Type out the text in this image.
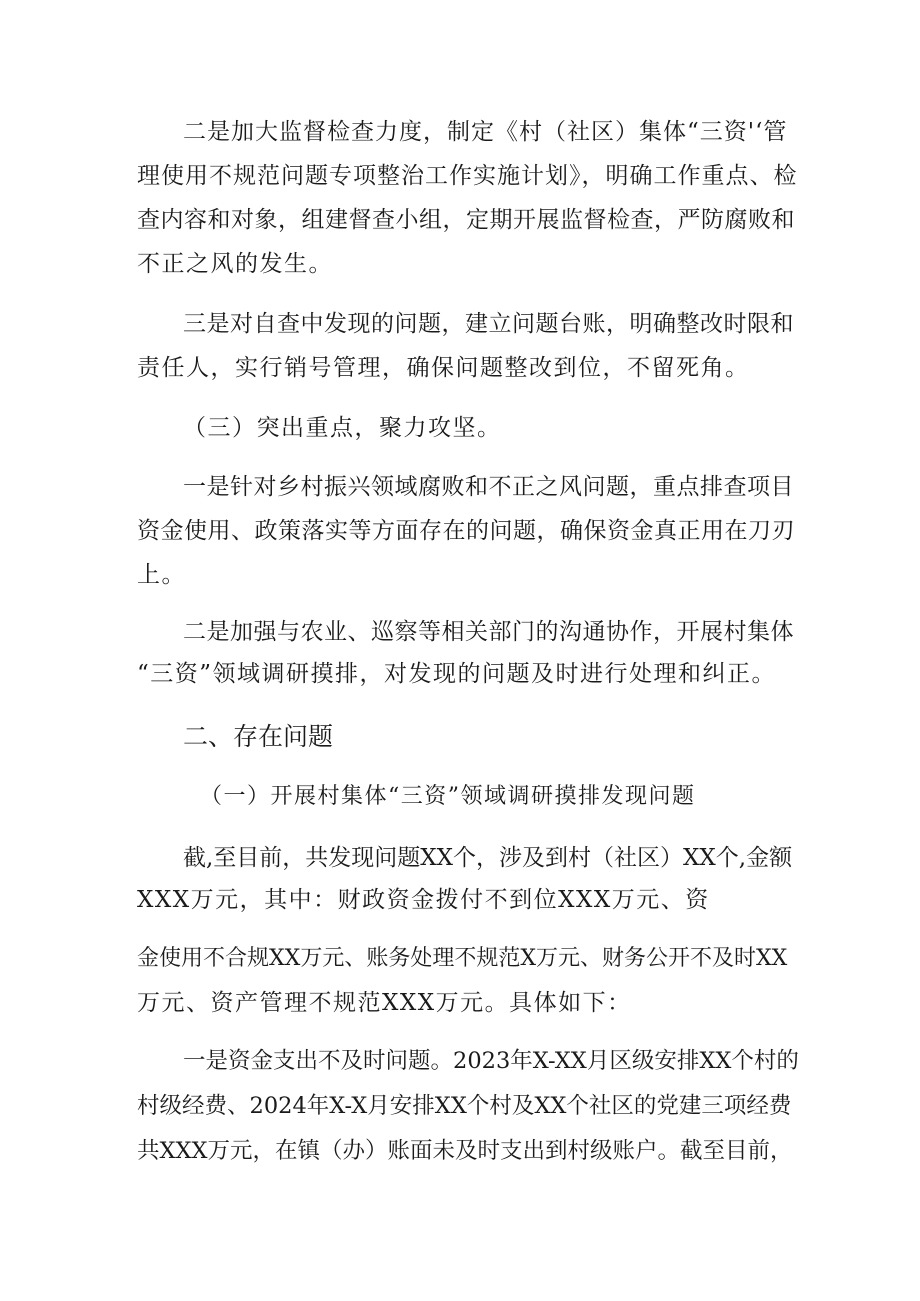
二是加大监督检查力度，制定《村（社区）集体“三资'‘管
理使用不规范问题专项整治工作实施计划》，明确工作重点、检
查内容和对象，组建督查小组，定期开展监督检查，严防腐败和
不正之风的发生。
三是对自查中发现的问题，建立问题台账，明确整改时限和
责任人，实行销号管理，确保问题整改到位，不留死角。
（三）突出重点，聚力攻坚。
一是针对乡村振兴领域腐败和不正之风问题，重点排查项目
资金使用、政策落实等方面存在的问题，确保资金真正用在刀刃
上。
二是加强与农业、巡察等相关部门的沟通协作，开展村集体
“三资”领域调研摸排，对发现的问题及时进行处理和纠正。
二、存在问题
（一）开展村集体“三资”领域调研摸排发现问题
截,至目前，共发现问题XX个，涉及到村（社区）XX个,金额
XXX万元，其中：财政资金拨付不到位XXX万元、资
金使用不合规XX万元、账务处理不规范X万元、财务公开不及时XX
万元、资产管理不规范XXX万元。具体如下：
一是资金支出不及时问题。2023年X-XX月区级安排XX个村的
村级经费、2024年X-X月安排XX个村及XX个社区的党建三项经费
共XXX万元，在镇（办）账面未及时支出到村级账户。截至目前，
